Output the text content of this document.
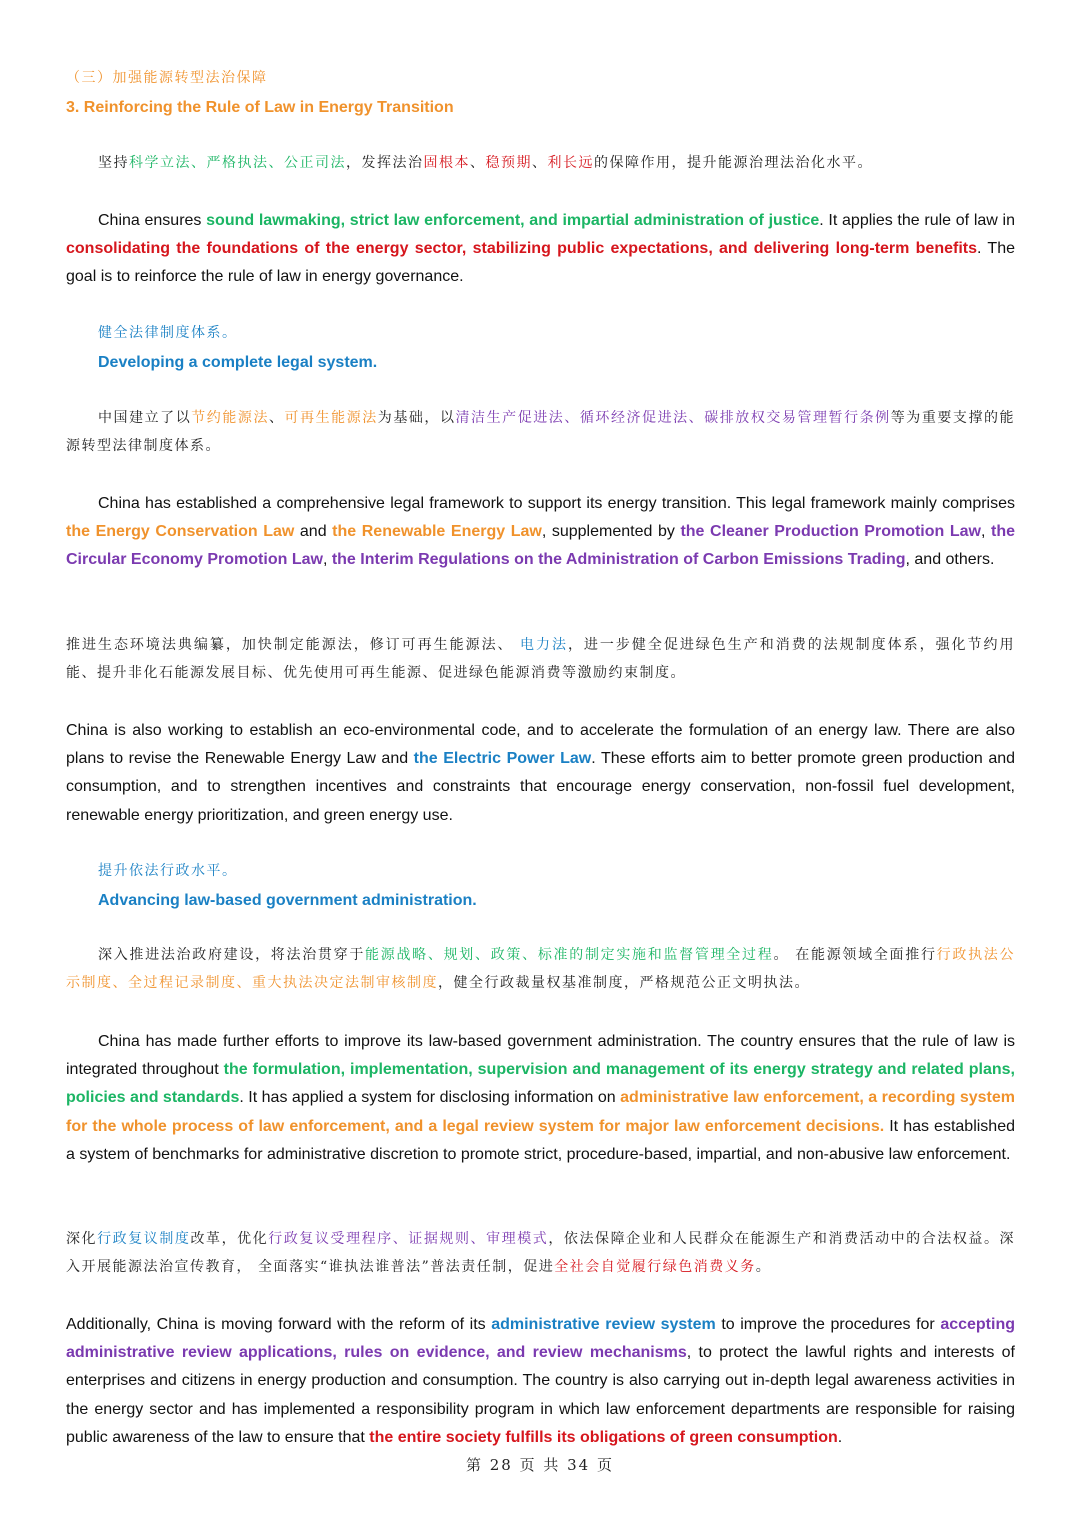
（三）加强能源转型法治保障
3. Reinforcing the Rule of Law in Energy Transition

坚持科学立法、严格执法、公正司法，发挥法治固根本、稳预期、利长远的保障作用，提升能源治理法治化水平。

China ensures sound lawmaking, strict law enforcement, and impartial administration of justice. It applies the rule of law in consolidating the foundations of the energy sector, stabilizing public expectations, and delivering long-term benefits. The goal is to reinforce the rule of law in energy governance.

健全法律制度体系。
Developing a complete legal system.

中国建立了以节约能源法、可再生能源法为基础，以清洁生产促进法、循环经济促进法、碳排放权交易管理暂行条例等为重要支撑的能源转型法律制度体系。

China has established a comprehensive legal framework to support its energy transition. This legal framework mainly comprises the Energy Conservation Law and the Renewable Energy Law, supplemented by the Cleaner Production Promotion Law, the Circular Economy Promotion Law, the Interim Regulations on the Administration of Carbon Emissions Trading, and others.

推进生态环境法典编纂，加快制定能源法，修订可再生能源法、 电力法，进一步健全促进绿色生产和消费的法规制度体系，强化节约用能、提升非化石能源发展目标、优先使用可再生能源、促进绿色能源消费等激励约束制度。

China is also working to establish an eco-environmental code, and to accelerate the formulation of an energy law. There are also plans to revise the Renewable Energy Law and the Electric Power Law. These efforts aim to better promote green production and consumption, and to strengthen incentives and constraints that encourage energy conservation, non-fossil fuel development, renewable energy prioritization, and green energy use.

提升依法行政水平。
Advancing law-based government administration.

深入推进法治政府建设，将法治贯穿于能源战略、规划、政策、标准的制定实施和监督管理全过程。 在能源领域全面推行行政执法公示制度、全过程记录制度、重大执法决定法制审核制度，健全行政裁量权基准制度，严格规范公正文明执法。

China has made further efforts to improve its law-based government administration. The country ensures that the rule of law is integrated throughout the formulation, implementation, supervision and management of its energy strategy and related plans, policies and standards. It has applied a system for disclosing information on administrative law enforcement, a recording system for the whole process of law enforcement, and a legal review system for major law enforcement decisions. It has established a system of benchmarks for administrative discretion to promote strict, procedure-based, impartial, and non-abusive law enforcement.

深化行政复议制度改革，优化行政复议受理程序、证据规则、审理模式，依法保障企业和人民群众在能源生产和消费活动中的合法权益。深入开展能源法治宣传教育， 全面落实“谁执法谁普法”普法责任制，促进全社会自觉履行绿色消费义务。

Additionally, China is moving forward with the reform of its administrative review system to improve the procedures for accepting administrative review applications, rules on evidence, and review mechanisms, to protect the lawful rights and interests of enterprises and citizens in energy production and consumption. The country is also carrying out in-depth legal awareness activities in the energy sector and has implemented a responsibility program in which law enforcement departments are responsible for raising public awareness of the law to ensure that the entire society fulfills its obligations of green consumption.

第 28 页 共 34 页
